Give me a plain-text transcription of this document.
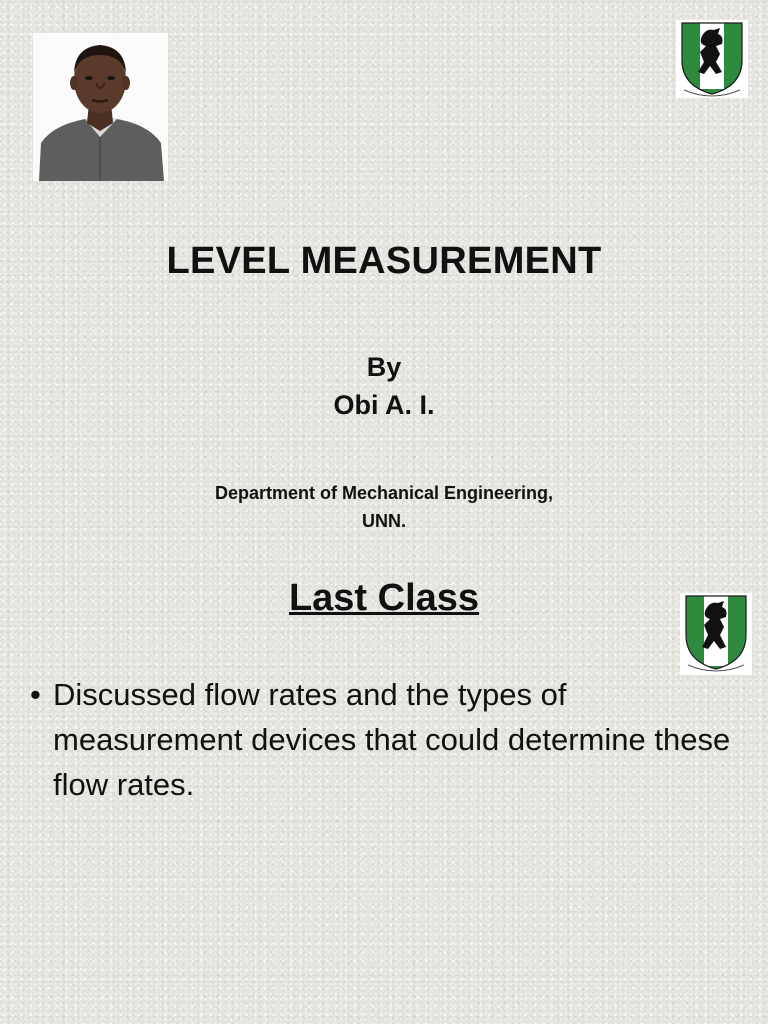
LEVEL MEASUREMENT
By
Obi A. I.
Department of Mechanical Engineering,
UNN.
Last Class
• Discussed flow rates and the types of measurement devices that could determine these flow rates.
